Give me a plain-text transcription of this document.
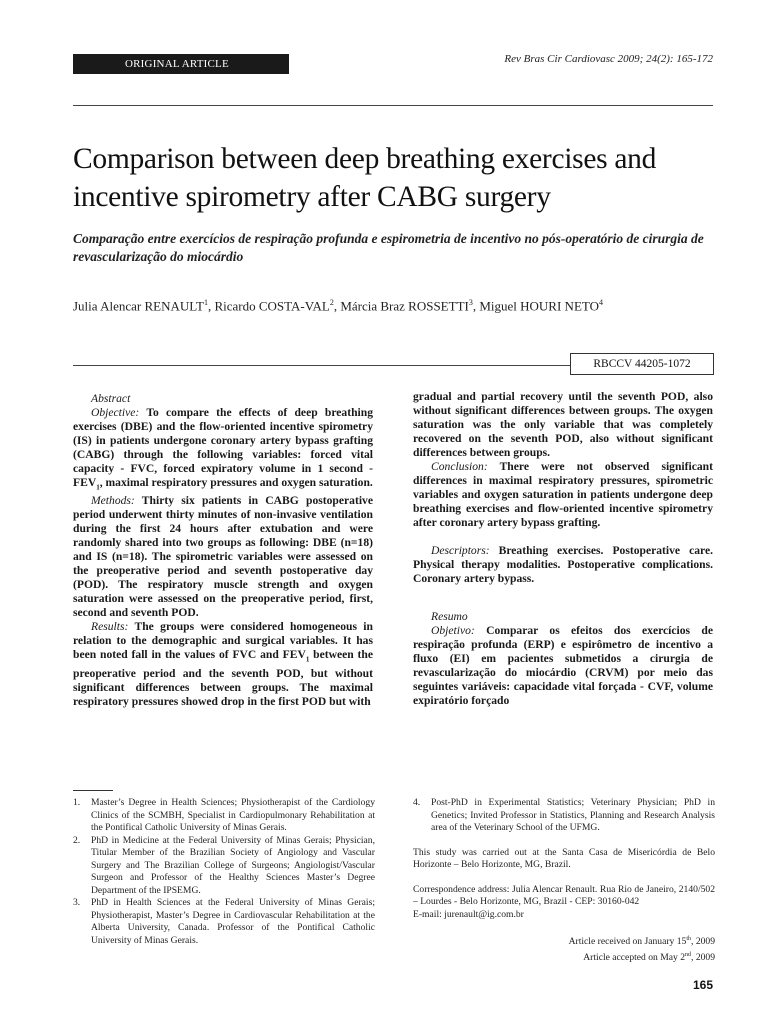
ORIGINAL ARTICLE	Rev Bras Cir Cardiovasc 2009; 24(2): 165-172
Comparison between deep breathing exercises and incentive spirometry after CABG surgery
Comparação entre exercícios de respiração profunda e espirometria de incentivo no pós-operatório de cirurgia de revascularização do miocárdio
Julia Alencar RENAULT$^1$, Ricardo COSTA-VAL$^2$, Márcia Braz ROSSETTI$^3$, Miguel HOURI NETO$^4$
RBCCV 44205-1072

Abstract

Objective: To compare the effects of deep breathing exercises (DBE) and the flow-oriented incentive spirometry (IS) in patients undergone coronary artery bypass grafting (CABG) through the following variables: forced vital capacity - FVC, forced expiratory volume in 1 second - $FEV_1$, maximal respiratory pressures and oxygen saturation.

Methods: Thirty six patients in CABG postoperative period underwent thirty minutes of non-invasive ventilation during the first 24 hours after extubation and were randomly shared into two groups as following: DBE (n=18) and IS (n=18). The spirometric variables were assessed on the preoperative period and seventh postoperative day (POD). The respiratory muscle strength and oxygen saturation were assessed on the preoperative period, first, second and seventh POD.

Results: The groups were considered homogeneous in relation to the demographic and surgical variables. It has been noted fall in the values of FVC and $FEV_1$ between the preoperative period and the seventh POD, but without significant differences between groups. The maximal respiratory pressures showed drop in the first POD but with

gradual and partial recovery until the seventh POD, also without significant differences between groups. The oxygen saturation was the only variable that was completely recovered on the seventh POD, also without significant differences between groups.

Conclusion: There were not observed significant differences in maximal respiratory pressures, spirometric variables and oxygen saturation in patients undergone deep breathing exercises and flow-oriented incentive spirometry after coronary artery bypass grafting.

Descriptors: Breathing exercises. Postoperative care. Physical therapy modalities. Postoperative complications. Coronary artery bypass.

Resumo

Objetivo: Comparar os efeitos dos exercícios de respiração profunda (ERP) e espirômetro de incentivo a fluxo (EI) em pacientes submetidos a cirurgia de revascularização do miocárdio (CRVM) por meio das seguintes variáveis: capacidade vital forçada - CVF, volume expiratório forçado

1.	Master’s Degree in Health Sciences; Physiotherapist of the Cardiology Clinics of the SCMBH, Specialist in Cardiopulmonary Rehabilitation at the Pontifical Catholic University of Minas Gerais.
2.	PhD in Medicine at the Federal University of Minas Gerais; Physician, Titular Member of the Brazilian Society of Angiology and Vascular Surgery and The Brazilian College of Surgeons; Angiologist/Vascular Surgeon and Professor of the Healthy Sciences Master’s Degree Department of the IPSEMG.
3.	PhD in Health Sciences at the Federal University of Minas Gerais; Physiotherapist, Master’s Degree in Cardiovascular Rehabilitation at the Alberta University, Canada. Professor of the Pontifical Catholic University of Minas Gerais.
4.	Post-PhD in Experimental Statistics; Veterinary Physician; PhD in Genetics; Invited Professor in Statistics, Planning and Research Analysis area of the Veterinary School of the UFMG.
This study was carried out at the Santa Casa de Misericórdia de Belo Horizonte – Belo Horizonte, MG, Brazil.
Correspondence address: Julia Alencar Renault. Rua Rio de Janeiro, 2140/502 – Lourdes - Belo Horizonte, MG, Brazil - CEP: 30160-042
E-mail: jurenault@ig.com.br
Article received on January 15th, 2009
Article accepted on May 2nd, 2009
165
